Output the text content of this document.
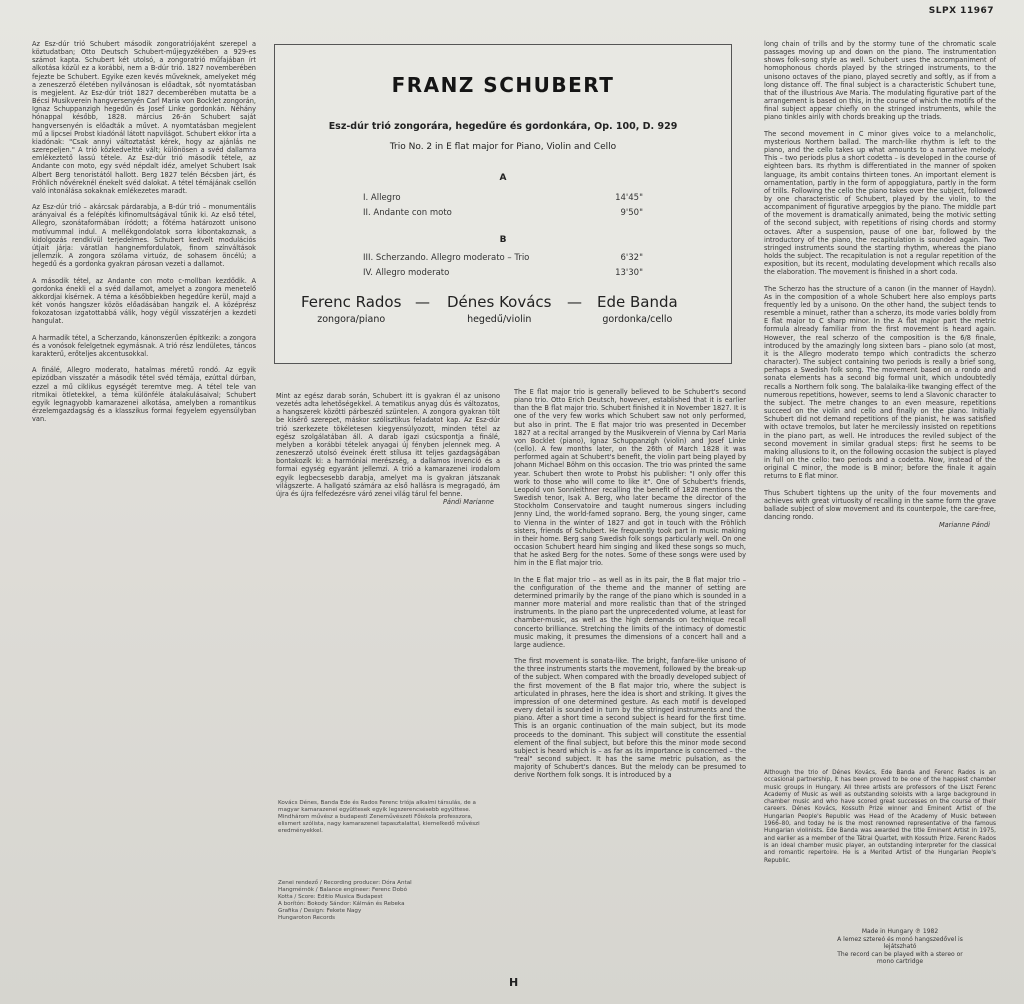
SLPX 11967
Az Esz-dúr trió Schubert második zongoratriójaként szerepel a köztudatban; Otto Deutsch Schubert-műjegyzékében a 929-es számot kapta. Schubert két utolsó, a zongoratrió műfajában írt alkotása közül ez a korábbi, nem a B-dúr trió. 1827 novemberében fejezte be Schubert. Egyike ezen kevés műveknek, amelyeket még a zeneszerző életében nyilvánosan is előadtak, sőt nyomtatásban is megjelent. Az Esz-dúr triót 1827 decemberében mutatta be a Bécsi Musikverein hangversenyén Carl Maria von Bocklet zongorán, Ignaz Schuppanzigh hegedűn és Josef Linke gordonkán. Néhány hónappal később, 1828. március 26-án Schubert saját hangversenyén is előadták a művet. A nyomtatásban megjelent mű a lipcsei Probst kiadónál látott napvilágot. Schubert ekkor írta a kiadónak: "Csak annyi változtatást kérek, hogy az ajánlás ne szerepeljen." A trió közkedveltté vált; különösen a svéd dallamra emlékeztető lassú tétele. Az Esz-dúr trió második tétele, az Andante con moto, egy svéd népdalt idéz, amelyet Schubert Isak Albert Berg tenoristától hallott. Berg 1827 telén Bécsben járt, és Fröhlich nővéreknél énekelt svéd dalokat. A tétel témájának csellón való intonálása sokaknak emlékezetes maradt.

Az Esz-dúr trió – akárcsak párdarabja, a B-dúr trió – monumentális arányaival és a felépítés kifinomultságával tűnik ki. Az első tétel, Allegro, szonátaformában íródott; a főtéma határozott unisono motívummal indul. A mellékgondolatok sorra kibontakoznak, a kidolgozás rendkívül terjedelmes. Schubert kedvelt modulációs útjait járja: váratlan hangnemfordulatok, finom színváltások jellemzik. A zongora szólama virtuóz, de sohasem öncélú; a hegedű és a gordonka gyakran párosan vezeti a dallamot.

A második tétel, az Andante con moto c-mollban kezdődik. A gordonka énekli el a svéd dallamot, amelyet a zongora menetelő akkordjai kísérnek. A téma a későbbiekben hegedűre kerül, majd a két vonós hangszer közös előadásában hangzik el. A középrész fokozatosan izgatottabbá válik, hogy végül visszatérjen a kezdeti hangulat.

A harmadik tétel, a Scherzando, kánonszerűen építkezik: a zongora és a vonósok felelgetnek egymásnak. A trió rész lendületes, táncos karakterű, erőteljes akcentusokkal.

A finálé, Allegro moderato, hatalmas méretű rondó. Az egyik epizódban visszatér a második tétel svéd témája, ezúttal dúrban, ezzel a mű ciklikus egységét teremtve meg. A tétel tele van ritmikai ötletekkel, a téma különféle átalakulásaival; Schubert egyik legnagyobb kamarazenei alkotása, amelyben a romantikus érzelemgazdagság és a klasszikus formai fegyelem egyensúlyban van.
FRANZ SCHUBERT
Esz-dúr trió zongorára, hegedűre és gordonkára, Op. 100, D. 929
Trio No. 2 in E flat major for Piano, Violin and Cello
A
I. Allegro	14'45"
II. Andante con moto	9'50"
B
III. Scherzando. Allegro moderato – Trio	6'32"
IV. Allegro moderato	13'30"
Ferenc Rados
zongora/piano
— Dénes Kovács
hegedű/violin
— Ede Banda
gordonka/cello
Mint az egész darab során, Schubert itt is gyakran él az unisono vezetés adta lehetőségekkel. A tematikus anyag dús és változatos, a hangszerek közötti párbeszéd szüntelen. A zongora gyakran tölt be kísérő szerepet, máskor szólisztikus feladatot kap. Az Esz-dúr trió szerkezete tökéletesen kiegyensúlyozott, minden tétel az egész szolgálatában áll. A darab igazi csúcspontja a finálé, melyben a korábbi tételek anyagai új fényben jelennek meg. A zeneszerző utolsó éveinek érett stílusa itt teljes gazdagságában bontakozik ki: a harmóniai merészség, a dallamos invenció és a formai egység egyaránt jellemzi. A trió a kamarazenei irodalom egyik legbecsesebb darabja, amelyet ma is gyakran játszanak világszerte. A hallgató számára az első hallásra is megragadó, ám újra és újra felfedezésre váró zenei világ tárul fel benne.
Pándi Marianne
Kovács Dénes, Banda Ede és Rados Ferenc triója alkalmi társulás, de a magyar kamarazenei együttesek egyik legszerencsésebb együttese. Mindhárom művész a budapesti Zeneművészeti Főiskola professzora, elismert szólista, nagy kamarazenei tapasztalattal, kiemelkedő művészi eredményekkel.
Zenei rendező / Recording producer: Dóra Antal
Hangmérnök / Balance engineer: Ferenc Dobó
Kotta / Score: Editio Musica Budapest
A borítón: Bokody Sándor: Kálmán és Rebeka
Grafika / Design: Fekete Nagy
Hungaroton Records
The E flat major trio is generally believed to be Schubert's second piano trio. Otto Erich Deutsch, however, established that it is earlier than the B flat major trio. Schubert finished it in November 1827. It is one of the very few works which Schubert saw not only performed, but also in print. The E flat major trio was presented in December 1827 at a recital arranged by the Musikverein of Vienna by Carl Maria von Bocklet (piano), Ignaz Schuppanzigh (violin) and Josef Linke (cello). A few months later, on the 26th of March 1828 it was performed again at Schubert's benefit, the violin part being played by Johann Michael Böhm on this occasion. The trio was printed the same year. Schubert then wrote to Probst his publisher: "I only offer this work to those who will come to like it". One of Schubert's friends, Leopold von Sonnleithner recalling the benefit of 1828 mentions the Swedish tenor, Isak A. Berg, who later became the director of the Stockholm Conservatoire and taught numerous singers including Jenny Lind, the world-famed soprano. Berg, the young singer, came to Vienna in the winter of 1827 and got in touch with the Fröhlich sisters, friends of Schubert. He frequently took part in music making in their home. Berg sang Swedish folk songs particularly well. On one occasion Schubert heard him singing and liked these songs so much, that he asked Berg for the notes. Some of these songs were used by him in the E flat major trio.

In the E flat major trio – as well as in its pair, the B flat major trio – the configuration of the theme and the manner of setting are determined primarily by the range of the piano which is sounded in a manner more material and more realistic than that of the stringed instruments. In the piano part the unprecedented volume, at least for chamber-music, as well as the high demands on technique recall concerto brilliance. Stretching the limits of the intimacy of domestic music making, it presumes the dimensions of a concert hall and a large audience.

The first movement is sonata-like. The bright, fanfare-like unisono of the three instruments starts the movement, followed by the break-up of the subject. When compared with the broadly developed subject of the first movement of the B flat major trio, where the subject is articulated in phrases, here the idea is short and striking. It gives the impression of one determined gesture. As each motif is developed every detail is sounded in turn by the stringed instruments and the piano. After a short time a second subject is heard for the first time. This is an organic continuation of the main subject, but its mode proceeds to the dominant. This subject will constitute the essential element of the final subject, but before this the minor mode second subject is heard which is – as far as its importance is concerned – the "real" second subject. It has the same metric pulsation, as the majority of Schubert's dances. But the melody can be presumed to derive Northern folk songs. It is introduced by a
long chain of trills and by the stormy tune of the chromatic scale passages moving up and down on the piano. The instrumentation shows folk-song style as well. Schubert uses the accompaniment of homophonous chords played by the stringed instruments, to the unisono octaves of the piano, played secretly and softly, as if from a long distance off. The final subject is a characteristic Schubert tune, that of the illustrious Ave Maria. The modulating figurative part of the arrangement is based on this, in the course of which the motifs of the final subject appear chiefly on the stringed instruments, while the piano tinkles airily with chords breaking up the triads.

The second movement in C minor gives voice to a melancholic, mysterious Northern ballad. The march-like rhythm is left to the piano, and the cello takes up what amounts to a narrative melody. This – two periods plus a short codetta – is developed in the course of eighteen bars. Its rhythm is differentiated in the manner of spoken language, its ambit contains thirteen tones. An important element is ornamentation, partly in the form of appoggiatura, partly in the form of trills. Following the cello the piano takes over the subject, followed by one characteristic of Schubert, played by the violin, to the accompaniment of figurative arpeggios by the piano. The middle part of the movement is dramatically animated, being the motivic setting of the second subject, with repetitions of rising chords and stormy octaves. After a suspension, pause of one bar, followed by the introductory of the piano, the recapitulation is sounded again. Two stringed instruments sound the starting rhythm, whereas the piano holds the subject. The recapitulation is not a regular repetition of the exposition, but its recent, modulating development which recalls also the elaboration. The movement is finished in a short coda.

The Scherzo has the structure of a canon (in the manner of Haydn). As in the composition of a whole Schubert here also employs parts frequently led by a unisono. On the other hand, the subject tends to resemble a minuet, rather than a scherzo, its mode varies boldly from E flat major to C sharp minor. In the A flat major part the metric formula already familiar from the first movement is heard again. However, the real scherzo of the composition is the 6/8 finale, introduced by the amazingly long sixteen bars – piano solo (at most, it is the Allegro moderato tempo which contradicts the scherzo character). The subject containing two periods is really a brief song, perhaps a Swedish folk song. The movement based on a rondo and sonata elements has a second big formal unit, which undoubtedly recalls a Northern folk song. The balalaika-like twanging effect of the numerous repetitions, however, seems to lend a Slavonic character to the subject. The metre changes to an even measure, repetitions succeed on the violin and cello and finally on the piano. Initially Schubert did not demand repetitions of the pianist, he was satisfied with octave tremolos, but later he mercilessly insisted on repetitions in the piano part, as well. He introduces the reviled subject of the second movement in similar gradual steps: first he seems to be making allusions to it, on the following occasion the subject is played in full on the cello: two periods and a codetta. Now, instead of the original C minor, the mode is B minor; before the finale it again returns to E flat minor.

Thus Schubert tightens up the unity of the four movements and achieves with great virtuosity of recalling in the same form the grave ballade subject of slow movement and its counterpole, the care-free, dancing rondo.
Marianne Pándi
Although the trio of Dénes Kovács, Ede Banda and Ferenc Rados is an occasional partnership, it has been proved to be one of the happiest chamber music groups in Hungary. All three artists are professors of the Liszt Ferenc Academy of Music as well as outstanding soloists with a large background in chamber music and who have scored great successes on the course of their careers. Dénes Kovács, Kossuth Prize winner and Eminent Artist of the Hungarian People's Republic was Head of the Academy of Music between 1966–80, and today he is the most renowned representative of the famous Hungarian violinists. Ede Banda was awarded the title Eminent Artist in 1975, and earlier as a member of the Tátrai Quartet, with Kossuth Prize. Ferenc Rados is an ideal chamber music player, an outstanding interpreter for the classical and romantic repertoire. He is a Merited Artist of the Hungarian People's Republic.
Made in Hungary ℗ 1982
A lemez sztereó és monó hangszedővel is lejátszható
The record can be played with a stereo or mono cartridge
H
